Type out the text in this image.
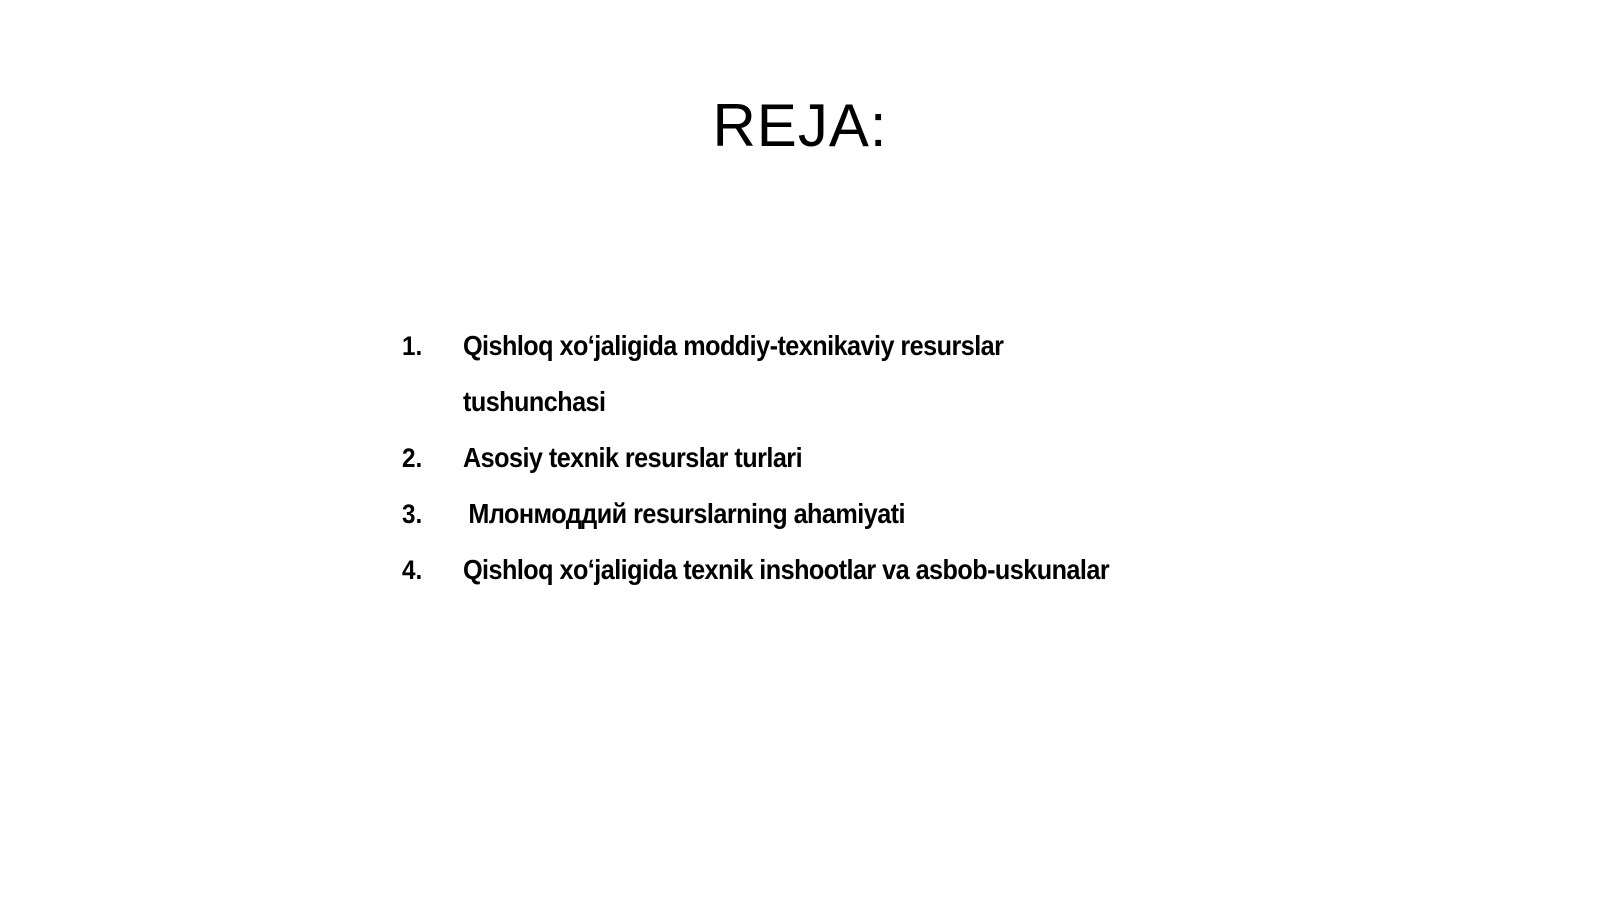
REJA:
1.	Qishloq xoʻjaligida moddiy-texnikaviy resurslar tushunchasi
2.	Asosiy texnik resurslar turlari
3.	Млонмоддий resurslarning ahamiyati
4.	Qishloq xoʻjaligida texnik inshootlar va asbob-uskunalar
